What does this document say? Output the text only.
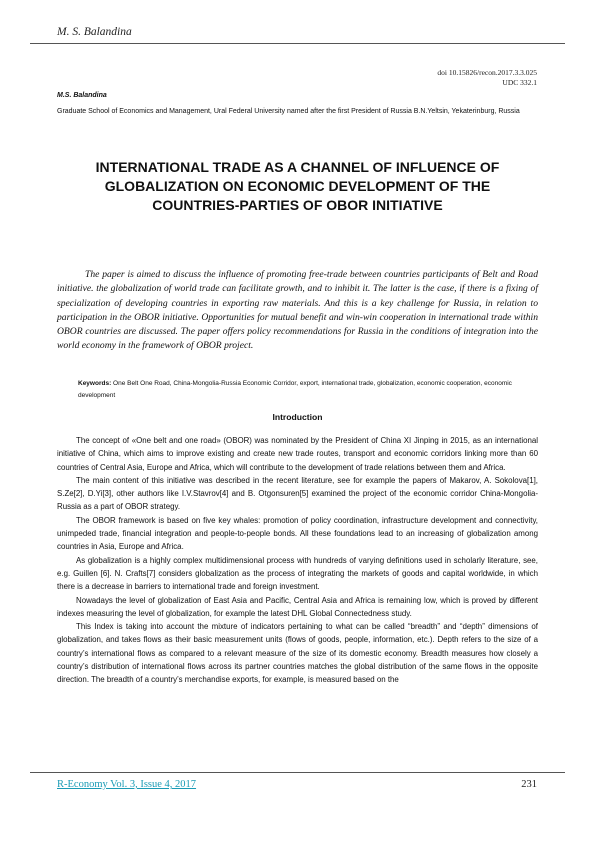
M. S. Balandina
doi 10.15826/recon.2017.3.3.025
UDC 332.1
M.S. Balandina
Graduate School of Economics and Management, Ural Federal University named after the first President of Russia B.N.Yeltsin, Yekaterinburg, Russia
INTERNATIONAL TRADE AS A CHANNEL OF INFLUENCE OF GLOBALIZATION ON ECONOMIC DEVELOPMENT OF THE COUNTRIES-PARTIES OF OBOR INITIATIVE

The paper is aimed to discuss the influence of promoting free-trade between countries participants of Belt and Road initiative. the globalization of world trade can facilitate growth, and to inhibit it. The latter is the case, if there is a fixing of specialization of developing countries in exporting raw materials. And this is a key challenge for Russia, in relation to participation in the OBOR initiative. Opportunities for mutual benefit and win-win cooperation in international trade within OBOR countries are discussed. The paper offers policy recommendations for Russia in the conditions of integration into the world economy in the framework of OBOR project.

Keywords: One Belt One Road, China-Mongolia-Russia Economic Corridor, export, international trade, globalization, economic cooperation, economic development

Introduction

The concept of «One belt and one road» (OBOR) was nominated by the President of China XI Jinping in 2015, as an international initiative of China, which aims to improve existing and create new trade routes, transport and economic corridors linking more than 60 countries of Central Asia, Europe and Africa, which will contribute to the development of trade relations between them and Africa.

The main content of this initiative was described in the recent literature, see for example the papers of Makarov, A. Sokolova[1], S.Ze[2], D.Yi[3], other authors like I.V.Stavrov[4] and B. Otgonsuren[5] examined the project of the economic corridor China-Mongolia-Russia as a part of OBOR strategy.

The OBOR framework is based on five key whales: promotion of policy coordination, infrastructure development and connectivity, unimpeded trade, financial integration and people-to-people bonds. All these foundations lead to an increasing of globalization among countries in Asia, Europe and Africa.

As globalization is a highly complex multidimensional process with hundreds of varying definitions used in scholarly literature, see, e.g. Guillen [6]. N. Crafts[7] considers globalization as the process of integrating the markets of goods and capital worldwide, in which there is a decrease in barriers to international trade and foreign investment.

Nowadays the level of globalization of East Asia and Pacific, Central Asia and Africa is remaining low, which is proved by different indexes measuring the level of globalization, for example the latest DHL Global Connectedness study.

This Index is taking into account the mixture of indicators pertaining to what can be called “breadth” and “depth” dimensions of globalization, and takes flows as their basic measurement units (flows of goods, people, information, etc.). Depth refers to the size of a country’s international flows as compared to a relevant measure of the size of its domestic economy. Breadth measures how closely a country’s distribution of international flows across its partner countries matches the global distribution of the same flows in the opposite direction. The breadth of a country’s merchandise exports, for example, is measured based on the

R-Economy Vol. 3, Issue 4, 2017	231
